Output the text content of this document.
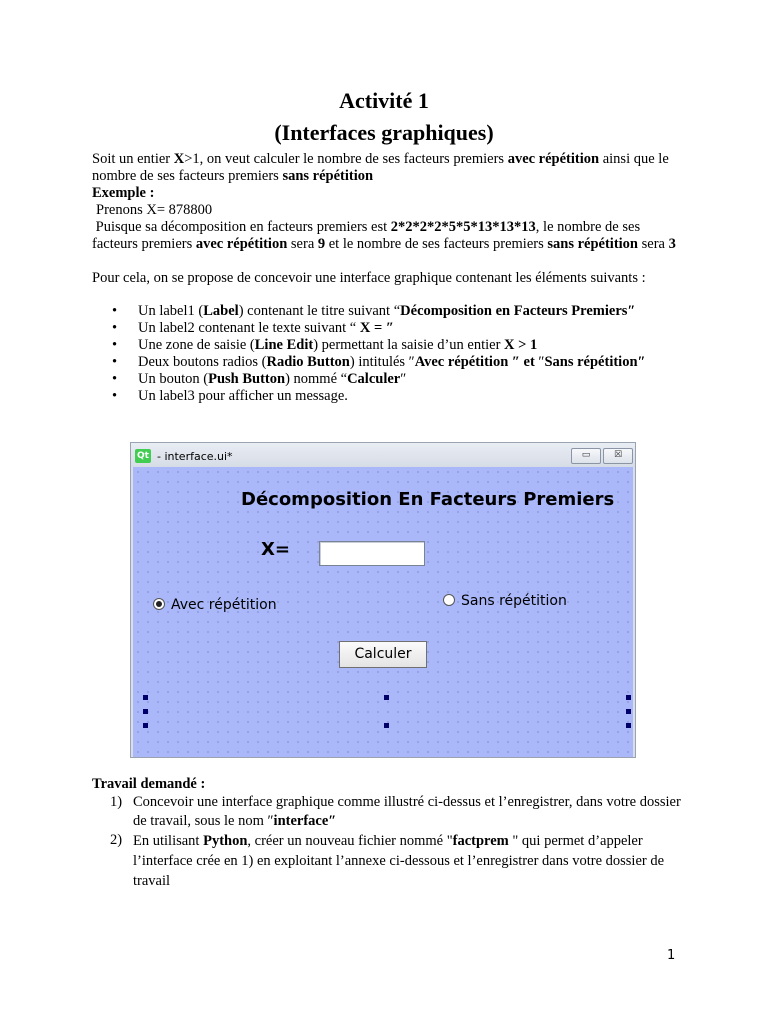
Activité 1
(Interfaces graphiques)
Soit un entier X>1, on veut calculer le nombre de ses facteurs premiers avec répétition ainsi que le nombre de ses facteurs premiers sans répétition
Exemple :
Prenons X= 878800
Puisque sa décomposition en facteurs premiers est 2*2*2*2*5*5*13*13*13, le nombre de ses facteurs premiers avec répétition sera 9 et le nombre de ses facteurs premiers sans répétition sera 3
Pour cela, on se propose de concevoir une interface graphique contenant les éléments suivants :
• Un label1 (Label) contenant le titre suivant “Décomposition en Facteurs Premiers″
• Un label2 contenant le texte suivant “ X = ″
• Une zone de saisie (Line Edit) permettant la saisie d’un entier X > 1
• Deux boutons radios (Radio Button) intitulés ″Avec répétition ″ et ″Sans répétition″
• Un bouton (Push Button) nommé “Calculer″
• Un label3 pour afficher un message.
Qt - interface.ui*	▭	☒
Décomposition En Facteurs Premiers
X=
Avec répétition	Sans répétition
Calculer
Travail demandé :
1) Concevoir une interface graphique comme illustré ci-dessus et l’enregistrer, dans votre dossier de travail, sous le nom ″interface″
2) En utilisant Python, créer un nouveau fichier nommé "factprem " qui permet d’appeler l’interface crée en 1) en exploitant l’annexe ci-dessous et l’enregistrer dans votre dossier de travail
1
